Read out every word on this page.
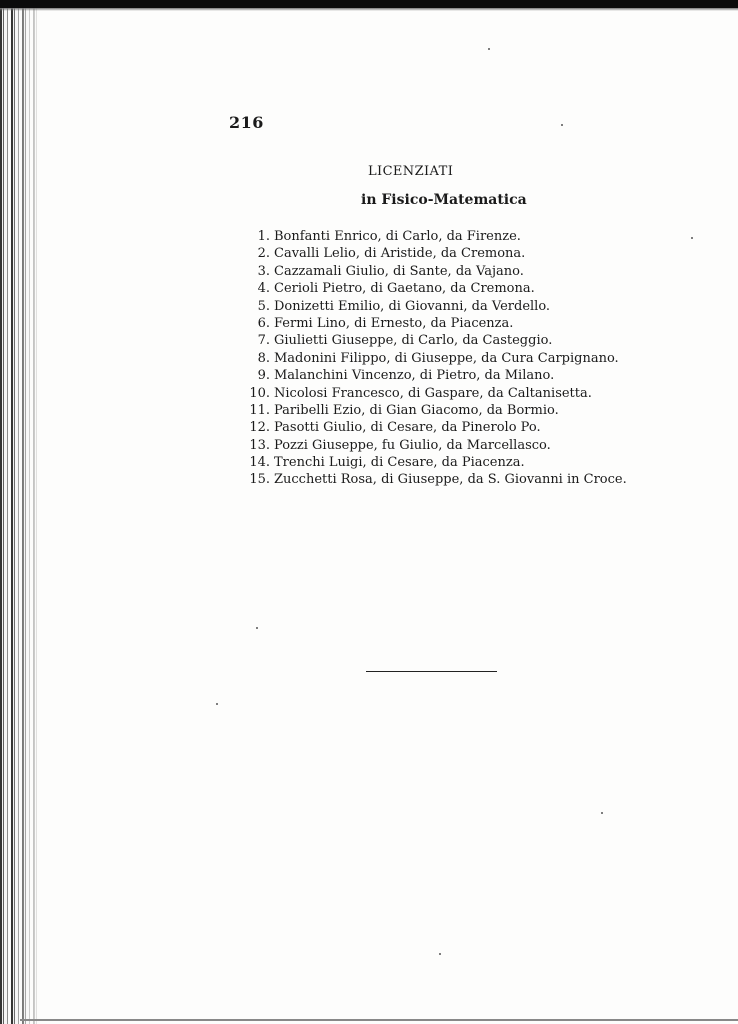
216
LICENZIATI
in Fisico-Matematica
1. Bonfanti Enrico, di Carlo, da Firenze.
2. Cavalli Lelio, di Aristide, da Cremona.
3. Cazzamali Giulio, di Sante, da Vajano.
4. Cerioli Pietro, di Gaetano, da Cremona.
5. Donizetti Emilio, di Giovanni, da Verdello.
6. Fermi Lino, di Ernesto, da Piacenza.
7. Giulietti Giuseppe, di Carlo, da Casteggio.
8. Madonini Filippo, di Giuseppe, da Cura Carpignano.
9. Malanchini Vincenzo, di Pietro, da Milano.
10. Nicolosi Francesco, di Gaspare, da Caltanisetta.
11. Paribelli Ezio, di Gian Giacomo, da Bormio.
12. Pasotti Giulio, di Cesare, da Pinerolo Po.
13. Pozzi Giuseppe, fu Giulio, da Marcellasco.
14. Trenchi Luigi, di Cesare, da Piacenza.
15. Zucchetti Rosa, di Giuseppe, da S. Giovanni in Croce.
